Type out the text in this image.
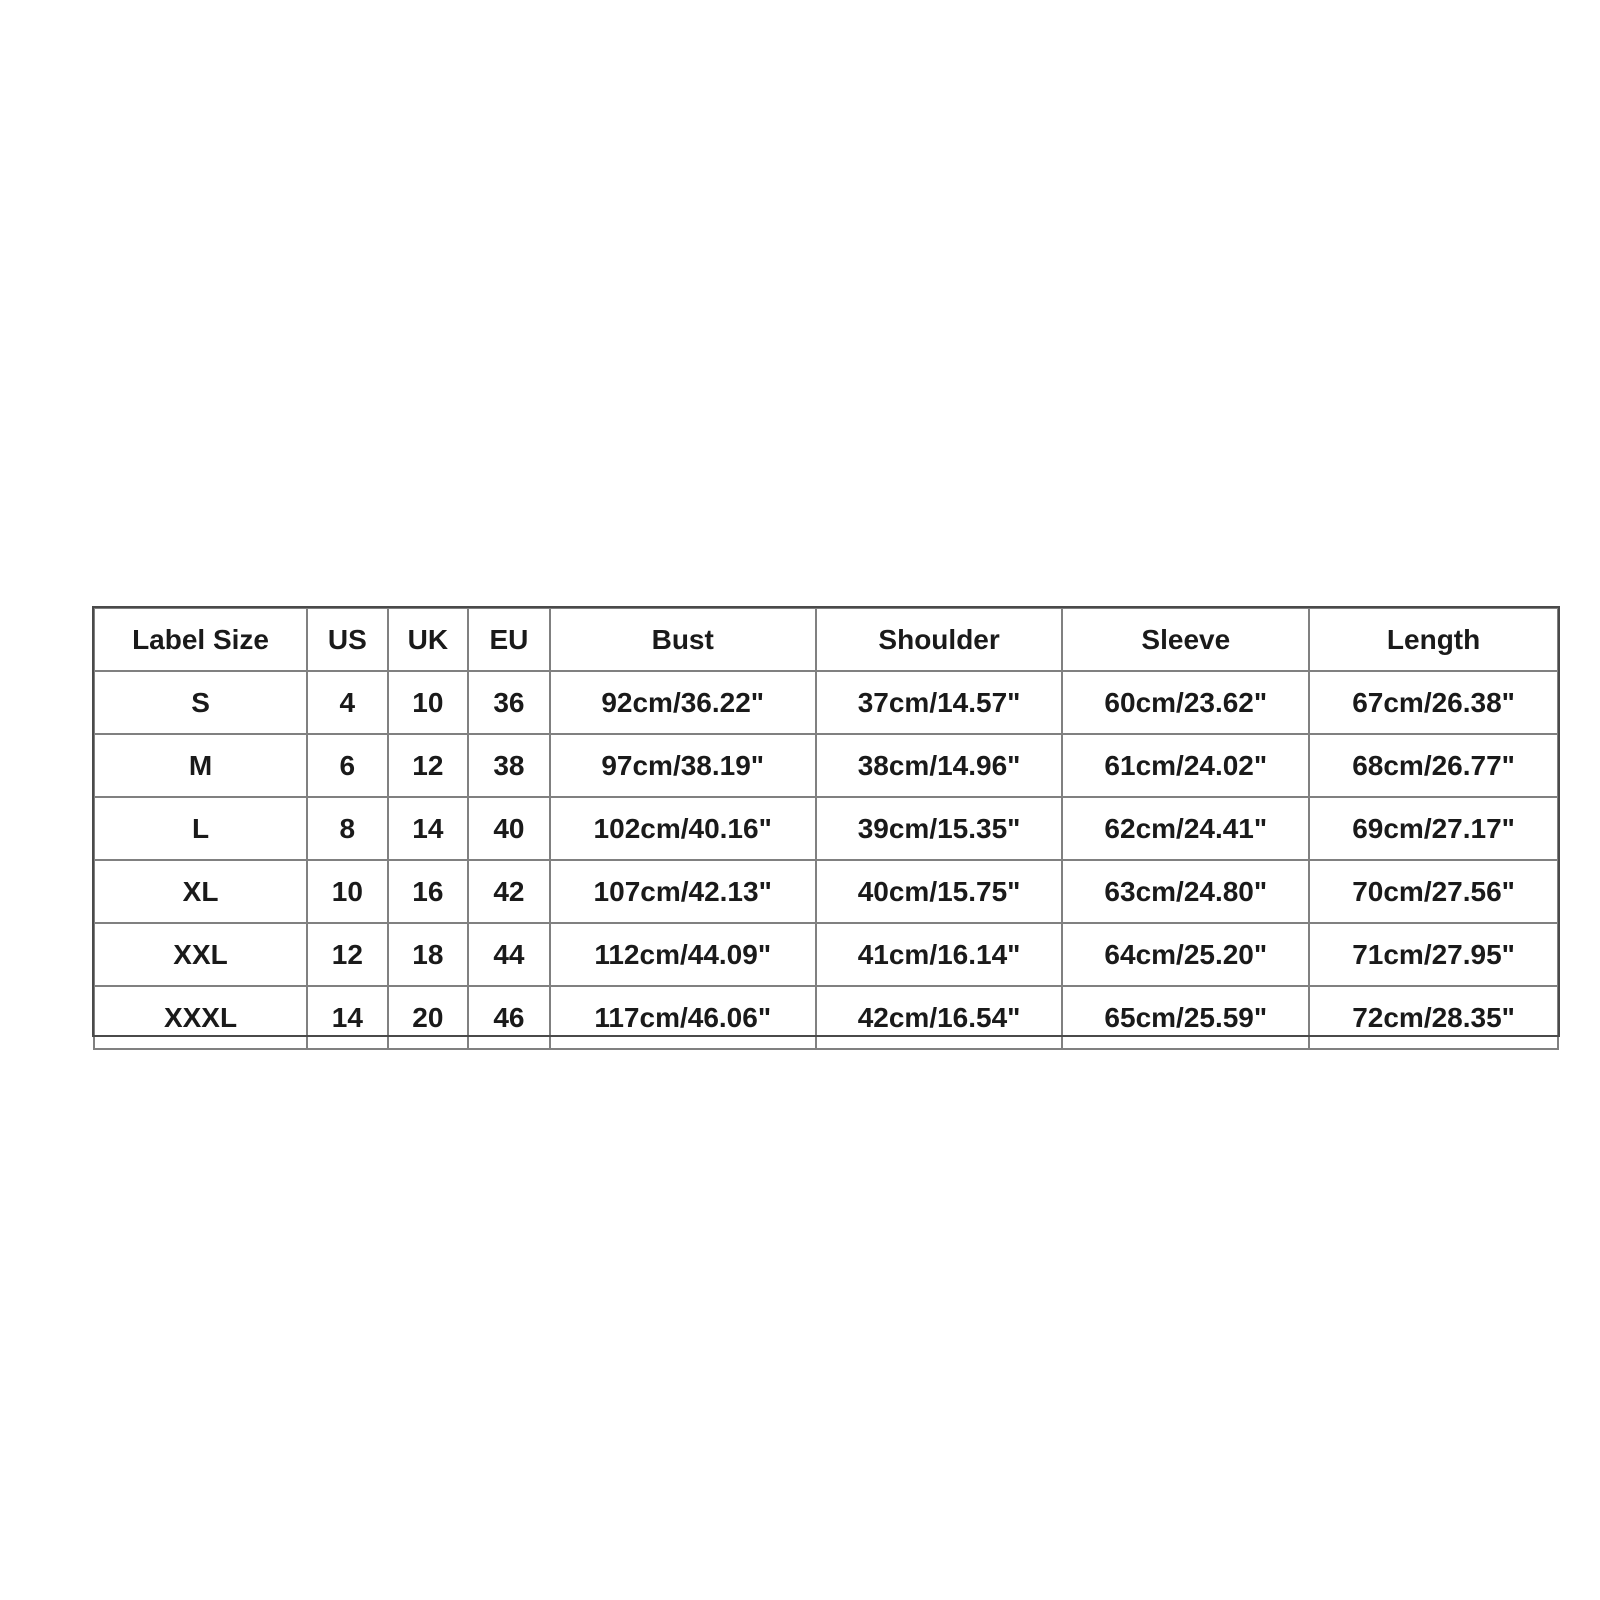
Label Size	US	UK	EU	Bust	Shoulder	Sleeve	Length
S	4	10	36	92cm/36.22"	37cm/14.57"	60cm/23.62"	67cm/26.38"
M	6	12	38	97cm/38.19"	38cm/14.96"	61cm/24.02"	68cm/26.77"
L	8	14	40	102cm/40.16"	39cm/15.35"	62cm/24.41"	69cm/27.17"
XL	10	16	42	107cm/42.13"	40cm/15.75"	63cm/24.80"	70cm/27.56"
XXL	12	18	44	112cm/44.09"	41cm/16.14"	64cm/25.20"	71cm/27.95"
XXXL	14	20	46	117cm/46.06"	42cm/16.54"	65cm/25.59"	72cm/28.35"
